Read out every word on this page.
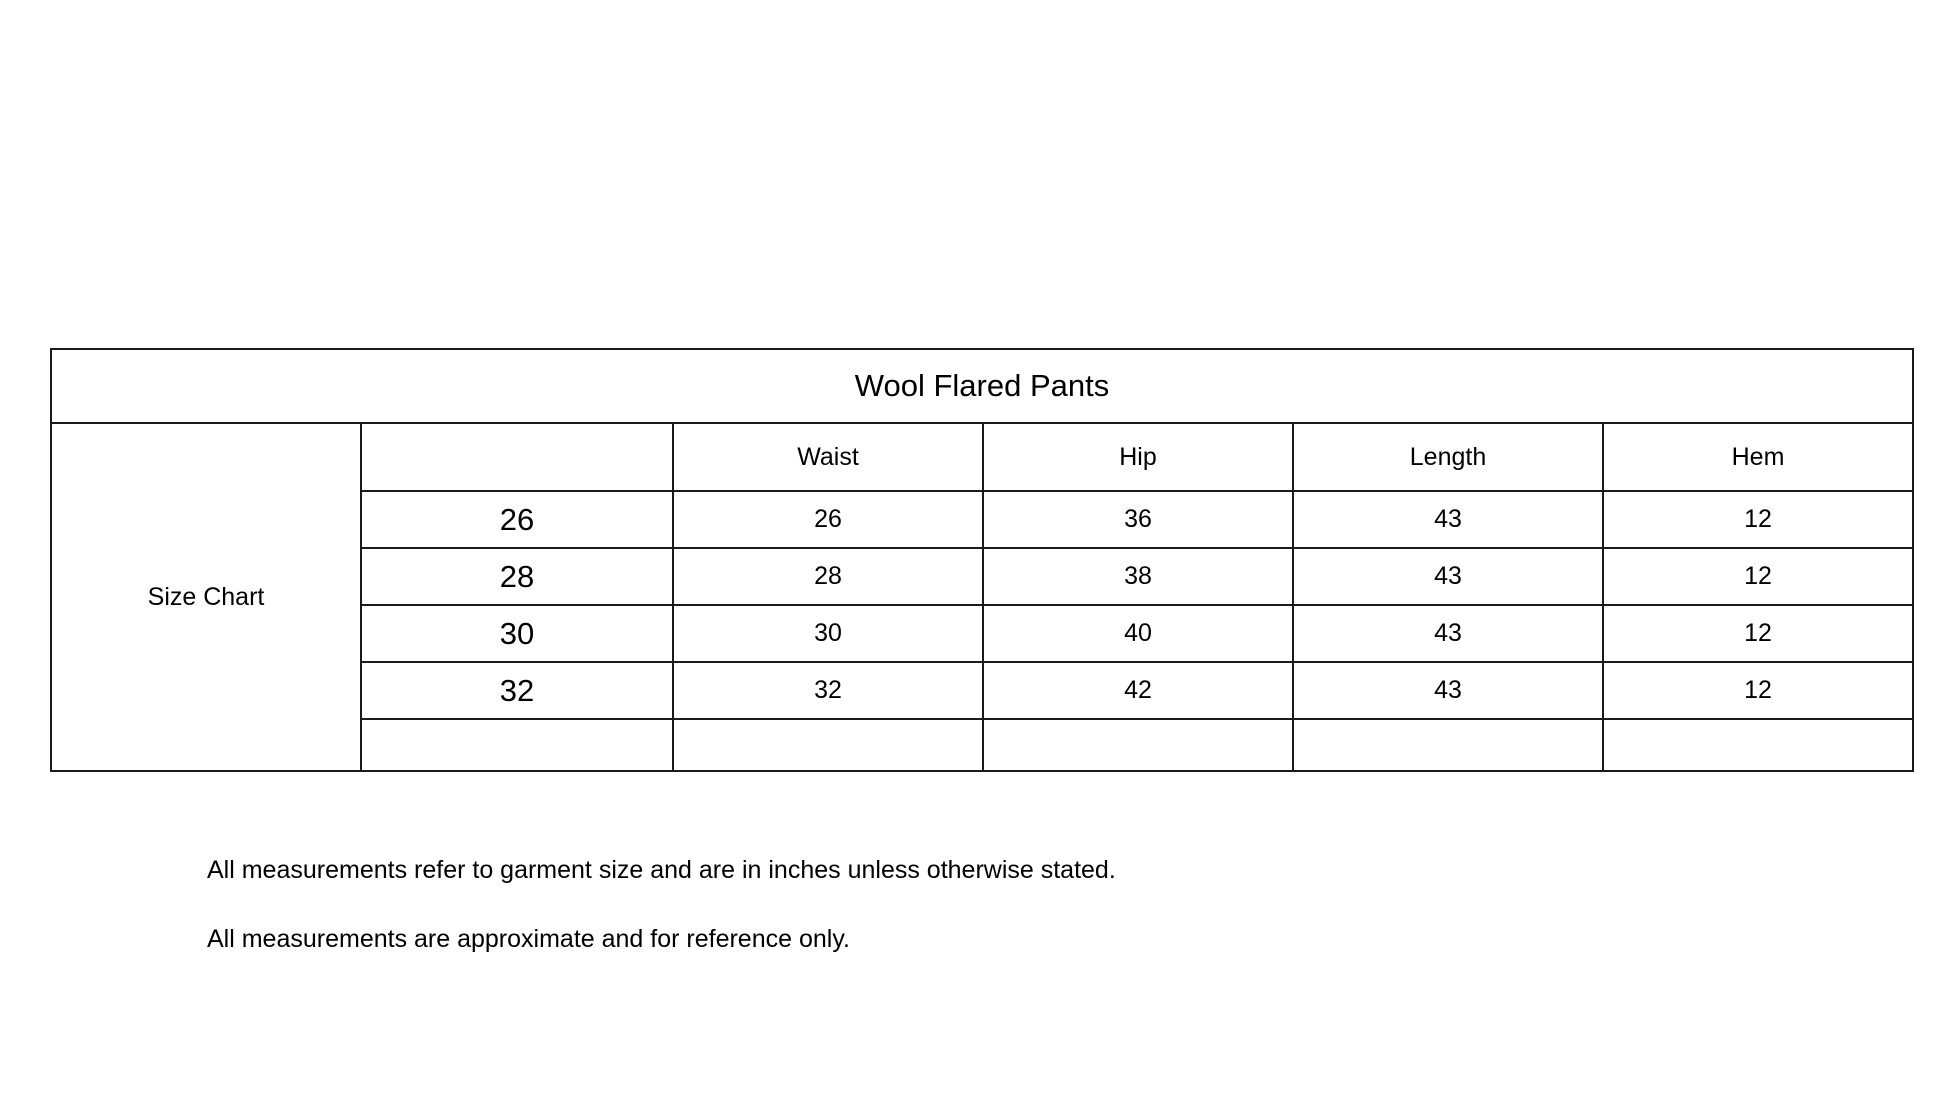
Wool Flared Pants					
Size Chart		Waist	Hip	Length	Hem
	26	26	36	43	12
	28	28	38	43	12
	30	30	40	43	12
	32	32	42	43	12

All measurements refer to garment size and are in inches unless otherwise stated.
All measurements are approximate and for reference only.
